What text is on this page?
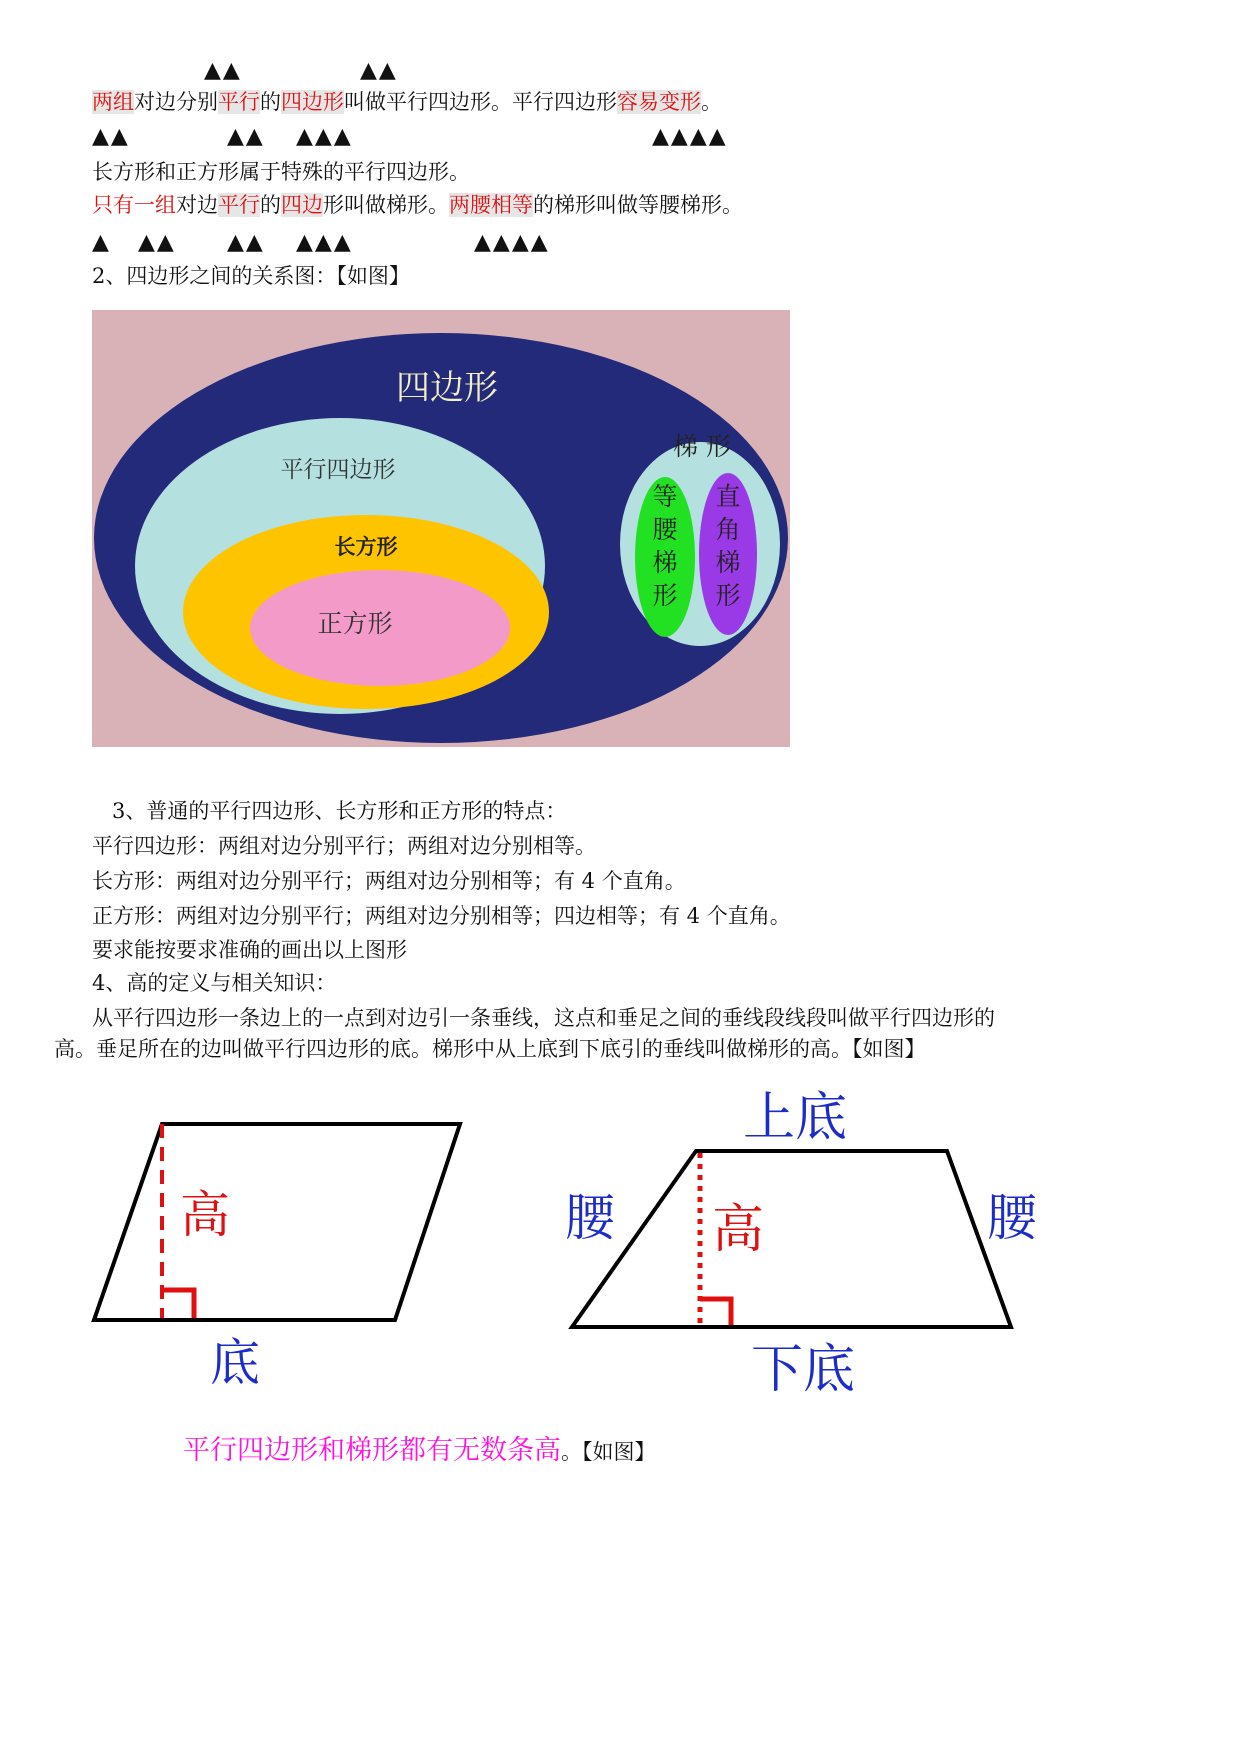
▲▲	▲▲
两组对边分别平行的四边形叫做平行四边形。平行四边形容易变形。
▲▲	▲▲ ▲▲▲	▲▲▲▲
长方形和正方形属于特殊的平行四边形。
只有一组对边平行的四边形叫做梯形。两腰相等的梯形叫做等腰梯形。
▲ ▲▲ ▲▲ ▲▲▲	▲▲▲▲
2、四边形之间的关系图：【如图】
四边形
平行四边形
长方形
正方形
梯 形
等
腰
梯
形
直
角
梯
形
3、普通的平行四边形、长方形和正方形的特点：
平行四边形：两组对边分别平行；两组对边分别相等。
长方形：两组对边分别平行；两组对边分别相等；有 4 个直角。
正方形：两组对边分别平行；两组对边分别相等；四边相等；有 4 个直角。
要求能按要求准确的画出以上图形
4、高的定义与相关知识：
从平行四边形一条边上的一点到对边引一条垂线，这点和垂足之间的垂线段线段叫做平行四边形的
高。垂足所在的边叫做平行四边形的底。梯形中从上底到下底引的垂线叫做梯形的高。【如图】
高
底
上底
腰 高	腰
下底
平行四边形和梯形都有无数条高。【如图】
